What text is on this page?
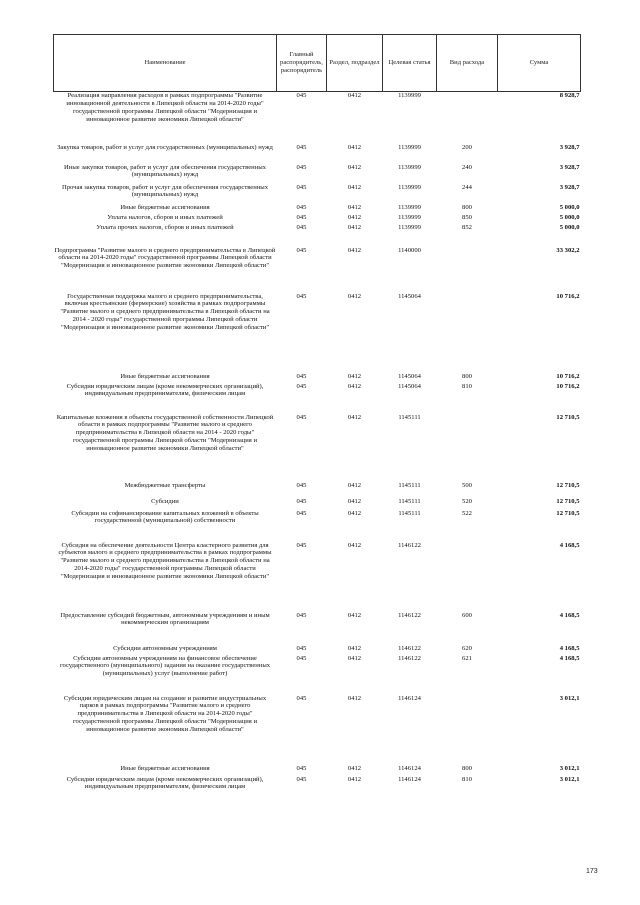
Наименование	Главный распорядитель, распорядитель	Раздел, подраздел	Целевая статья	Вид расхода	Сумма
Реализация направления расходов в рамках подпрограммы "Развитие инновационной деятельности в Липецкой области на 2014-2020 годы" государственной программы Липецкой области "Модернизация и инновационное развитие экономики Липецкой области"	045	0412	1139999		8 928,7
Закупка товаров, работ и услуг для государственных (муниципальных) нужд	045	0412	1139999	200	3 928,7
Иные закупки товаров, работ и услуг для обеспечения государственных (муниципальных) нужд	045	0412	1139999	240	3 928,7
Прочая закупка товаров, работ и услуг для обеспечения государственных (муниципальных) нужд	045	0412	1139999	244	3 928,7
Иные бюджетные ассигнования	045	0412	1139999	800	5 000,0
Уплата налогов, сборов и иных платежей	045	0412	1139999	850	5 000,0
Уплата прочих налогов, сборов и иных платежей	045	0412	1139999	852	5 000,0
Подпрограмма "Развитие малого и среднего предпринимательства в Липецкой области на 2014-2020 годы" государственной программы Липецкой области "Модернизация и инновационное развитие экономики Липецкой области"	045	0412	1140000		33 302,2
Государственная поддержка малого и среднего предпринимательства, включая крестьянские (фермерские) хозяйства в рамках подпрограммы "Развитие малого и среднего предпринимательства в Липецкой области на 2014 - 2020 годы" государственной программы Липецкой области "Модернизация и инновационное развитие экономики Липецкой области"	045	0412	1145064		10 716,2
Иные бюджетные ассигнования	045	0412	1145064	800	10 716,2
Субсидии юридическим лицам (кроме некоммерческих организаций), индивидуальным предпринимателям, физическим лицам	045	0412	1145064	810	10 716,2
Капитальные вложения в объекты государственной собственности Липецкой области в рамках подпрограммы "Развитие малого и среднего предпринимательства в Липецкой области на 2014 - 2020 годы" государственной программы Липецкой области "Модернизация и инновационное развитие экономики Липецкой области"	045	0412	1145111		12 710,5
Межбюджетные трансферты	045	0412	1145111	500	12 710,5
Субсидии	045	0412	1145111	520	12 710,5
Субсидии на софинансирование капитальных вложений в объекты государственной (муниципальной) собственности	045	0412	1145111	522	12 710,5
Субсидия на обеспечение деятельности Центра кластерного развития для субъектов малого и среднего предпринимательства в рамках подпрограммы "Развитие малого и среднего предпринимательства в Липецкой области на 2014-2020 годы" государственной программы Липецкой области "Модернизация и инновационное развитие экономики Липецкой области"	045	0412	1146122		4 168,5
Предоставление субсидий бюджетным, автономным учреждениям и иным некоммерческим организациям	045	0412	1146122	600	4 168,5
Субсидии автономным учреждениям	045	0412	1146122	620	4 168,5
Субсидии автономным учреждениям на финансовое обеспечение государственного (муниципального) задания на оказание государственных (муниципальных) услуг (выполнение работ)	045	0412	1146122	621	4 168,5
Субсидии юридическим лицам на создание и развитие индустриальных парков в рамках подпрограммы "Развитие малого и среднего предпринимательства в Липецкой области на 2014-2020 годы" государственной программы Липецкой области "Модернизация и инновационное развитие экономики Липецкой области"	045	0412	1146124		3 012,1
Иные бюджетные ассигнования	045	0412	1146124	800	3 012,1
Субсидии юридическим лицам (кроме некоммерческих организаций), индивидуальным предпринимателям, физическим лицам	045	0412	1146124	810	3 012,1
173
